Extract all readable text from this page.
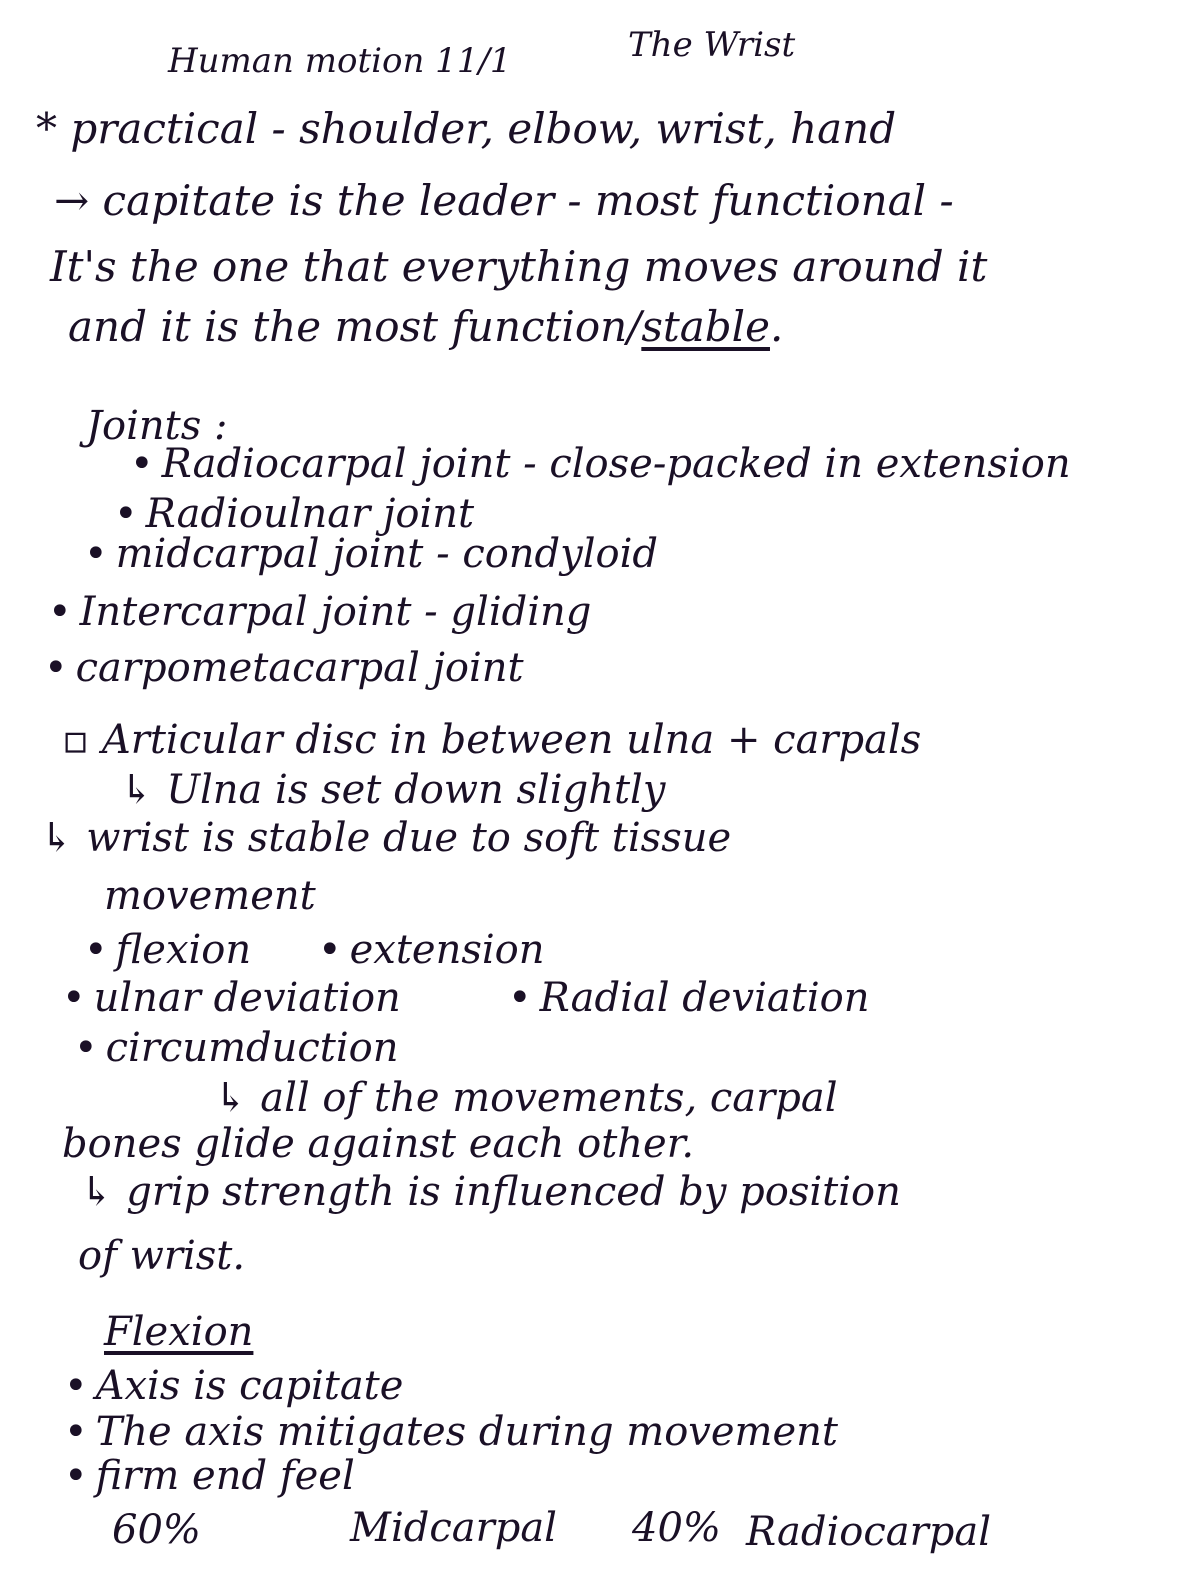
Human motion 11/1	The Wrist
* practical - shoulder, elbow, wrist, hand
→ capitate is the leader - most functional -
It's the one that everything moves around it
and it is the most function/stable.
Joints :
• Radiocarpal joint - close-packed in extension
• Radioulnar joint
• midcarpal joint - condyloid
• Intercarpal joint - gliding
• carpometacarpal joint
▫ Articular disc in between ulna + carpals
↳ Ulna is set down slightly
↳ wrist is stable due to soft tissue
movement
• flexion • extension
• ulnar deviation	• Radial deviation
• circumduction
↳ all of the movements, carpal
bones glide against each other.
↳ grip strength is influenced by position
of wrist.
Flexion
• Axis is capitate
• The axis mitigates during movement
• firm end feel
60%	Midcarpal 40% Radiocarpal
